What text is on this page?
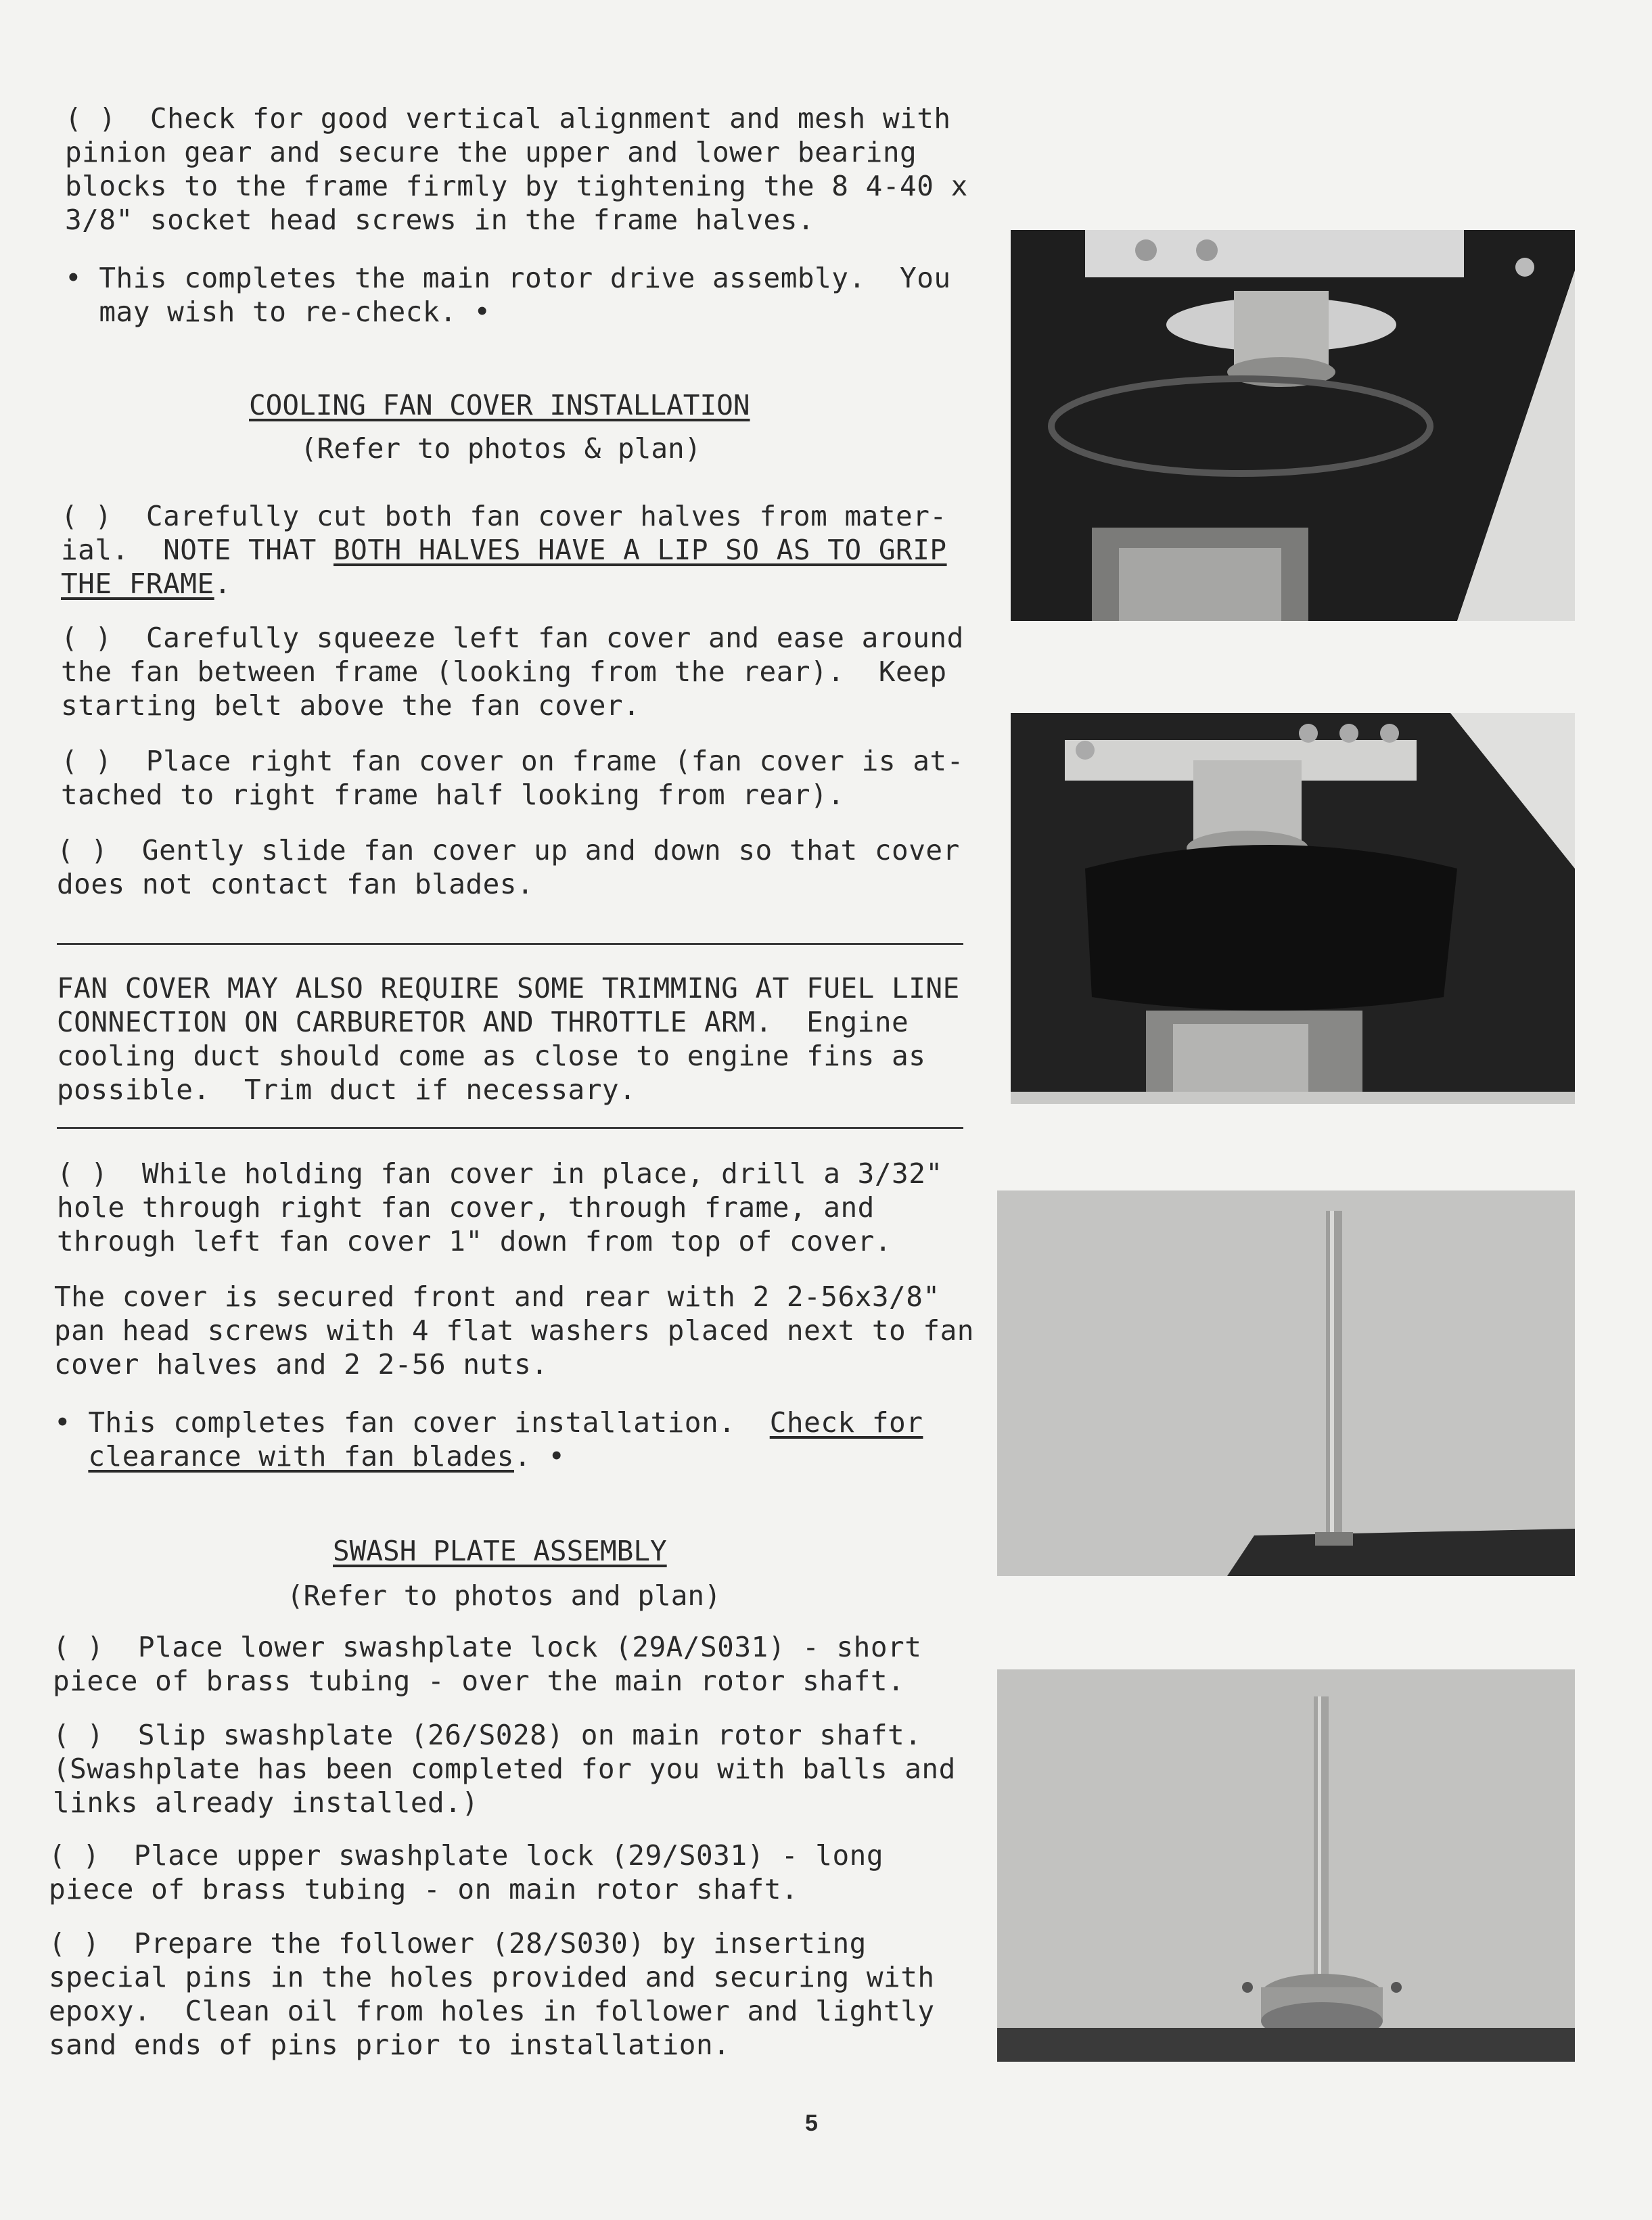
( )  Check for good vertical alignment and mesh with
pinion gear and secure the upper and lower bearing
blocks to the frame firmly by tightening the 8 4-40 x
3/8" socket head screws in the frame halves.

• This completes the main rotor drive assembly.  You
may wish to re-check. •

COOLING FAN COVER INSTALLATION
(Refer to photos & plan)

( )  Carefully cut both fan cover halves from mater-
ial.  NOTE THAT BOTH HALVES HAVE A LIP SO AS TO GRIP
THE FRAME.

( )  Carefully squeeze left fan cover and ease around
the fan between frame (looking from the rear).  Keep
starting belt above the fan cover.

( )  Place right fan cover on frame (fan cover is at-
tached to right frame half looking from rear).

( )  Gently slide fan cover up and down so that cover
does not contact fan blades.

FAN COVER MAY ALSO REQUIRE SOME TRIMMING AT FUEL LINE
CONNECTION ON CARBURETOR AND THROTTLE ARM.  Engine
cooling duct should come as close to engine fins as
possible.  Trim duct if necessary.

( )  While holding fan cover in place, drill a 3/32"
hole through right fan cover, through frame, and
through left fan cover 1" down from top of cover.

The cover is secured front and rear with 2 2-56x3/8"
pan head screws with 4 flat washers placed next to fan
cover halves and 2 2-56 nuts.

• This completes fan cover installation.  Check for
clearance with fan blades. •

SWASH PLATE ASSEMBLY
(Refer to photos and plan)

( )  Place lower swashplate lock (29A/S031) - short
piece of brass tubing - over the main rotor shaft.

( )  Slip swashplate (26/S028) on main rotor shaft.
(Swashplate has been completed for you with balls and
links already installed.)

( )  Place upper swashplate lock (29/S031) - long
piece of brass tubing - on main rotor shaft.

( )  Prepare the follower (28/S030) by inserting
special pins in the holes provided and securing with
epoxy.  Clean oil from holes in follower and lightly
sand ends of pins prior to installation.

5
